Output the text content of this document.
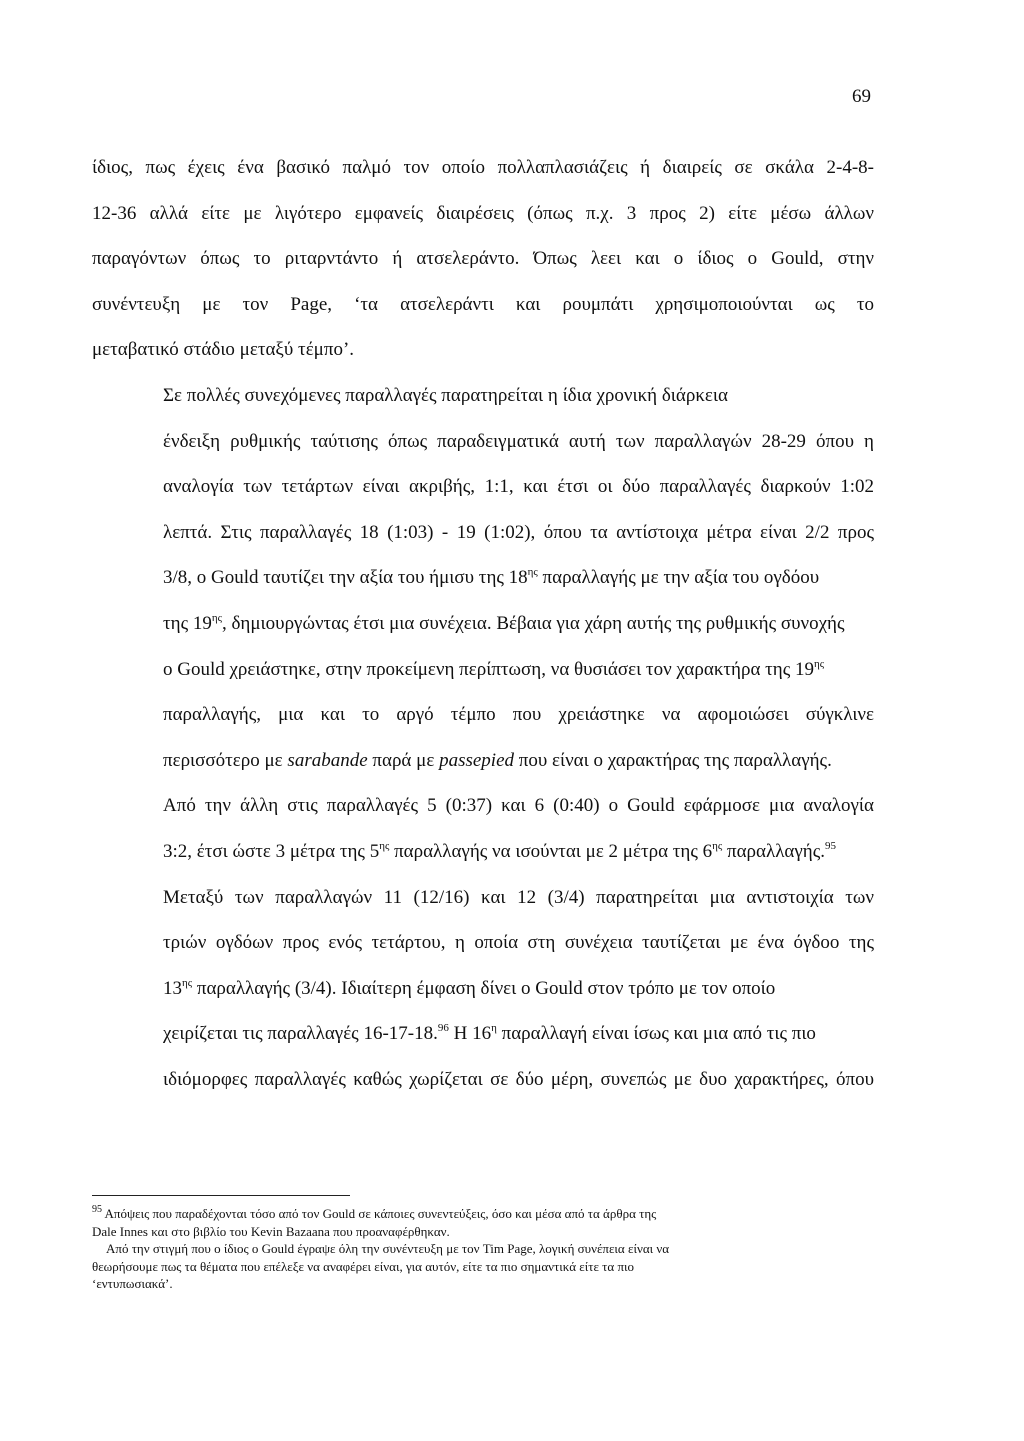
69

ίδιος, πως έχεις ένα βασικό παλμό τον οποίο πολλαπλασιάζεις ή διαιρείς σε σκάλα 2-4-8-
12-36 αλλά είτε με λιγότερο εμφανείς διαιρέσεις (όπως π.χ. 3 προς 2) είτε μέσω άλλων
παραγόντων όπως το ριταρντάντο ή ατσελεράντο. Όπως λεει και ο ίδιος ο Gould, στην
συνέντευξη με τον Page, ‘τα ατσελεράντι και ρουμπάτι χρησιμοποιούνται ως το
μεταβατικό στάδιο μεταξύ τέμπο’.

Σε πολλές συνεχόμενες παραλλαγές παρατηρείται η ίδια χρονική διάρκεια
ένδειξη ρυθμικής ταύτισης όπως παραδειγματικά αυτή των παραλλαγών 28-29 όπου η
αναλογία των τετάρτων είναι ακριβής, 1:1, και έτσι οι δύο παραλλαγές διαρκούν 1:02
λεπτά. Στις παραλλαγές 18 (1:03) - 19 (1:02), όπου τα αντίστοιχα μέτρα είναι 2/2 προς
3/8, ο Gould ταυτίζει την αξία του ήμισυ της $18^{\eta\varsigma}$ παραλλαγής με την αξία του ογδόου
της $19^{\eta\varsigma}$, δημιουργώντας έτσι μια συνέχεια. Βέβαια για χάρη αυτής της ρυθμικής συνοχής
ο Gould χρειάστηκε, στην προκείμενη περίπτωση, να θυσιάσει τον χαρακτήρα της $19^{\eta\varsigma}$
παραλλαγής, μια και το αργό τέμπο που χρειάστηκε να αφομοιώσει σύγκλινε
περισσότερο με sarabande παρά με passepied που είναι ο χαρακτήρας της παραλλαγής.
Από την άλλη στις παραλλαγές 5 (0:37) και 6 (0:40) ο Gould εφάρμοσε μια αναλογία
3:2, έτσι ώστε 3 μέτρα της $5^{\eta\varsigma}$ παραλλαγής να ισούνται με 2 μέτρα της $6^{\eta\varsigma}$ παραλλαγής.$^{95}$
Μεταξύ των παραλλαγών 11 (12/16) και 12 (3/4) παρατηρείται μια αντιστοιχία των
τριών ογδόων προς ενός τετάρτου, η οποία στη συνέχεια ταυτίζεται με ένα όγδοο της
$13^{\eta\varsigma}$ παραλλαγής (3/4). Ιδιαίτερη έμφαση δίνει ο Gould στον τρόπο με τον οποίο
χειρίζεται τις παραλλαγές 16-17-18.96 Η $16^\eta$ παραλλαγή είναι ίσως και μια από τις πιο
ιδιόμορφες παραλλαγές καθώς χωρίζεται σε δύο μέρη, συνεπώς με δυο χαρακτήρες, όπου

$^{95}$ Απόψεις που παραδέχονται τόσο από τον Gould σε κάποιες συνεντεύξεις, όσο και μέσα από τα άρθρα της

Dale Innes και στο βιβλίο του Kevin Bazaana που προαναφέρθηκαν.

Από την στιγμή που ο ίδιος ο Gould έγραψε όλη την συνέντευξη με τον Tim Page, λογική συνέπεια είναι να

θεωρήσουμε πως τα θέματα που επέλεξε να αναφέρει είναι, για αυτόν, είτε τα πιο σημαντικά είτε τα πιο

‘εντυπωσιακά’.
